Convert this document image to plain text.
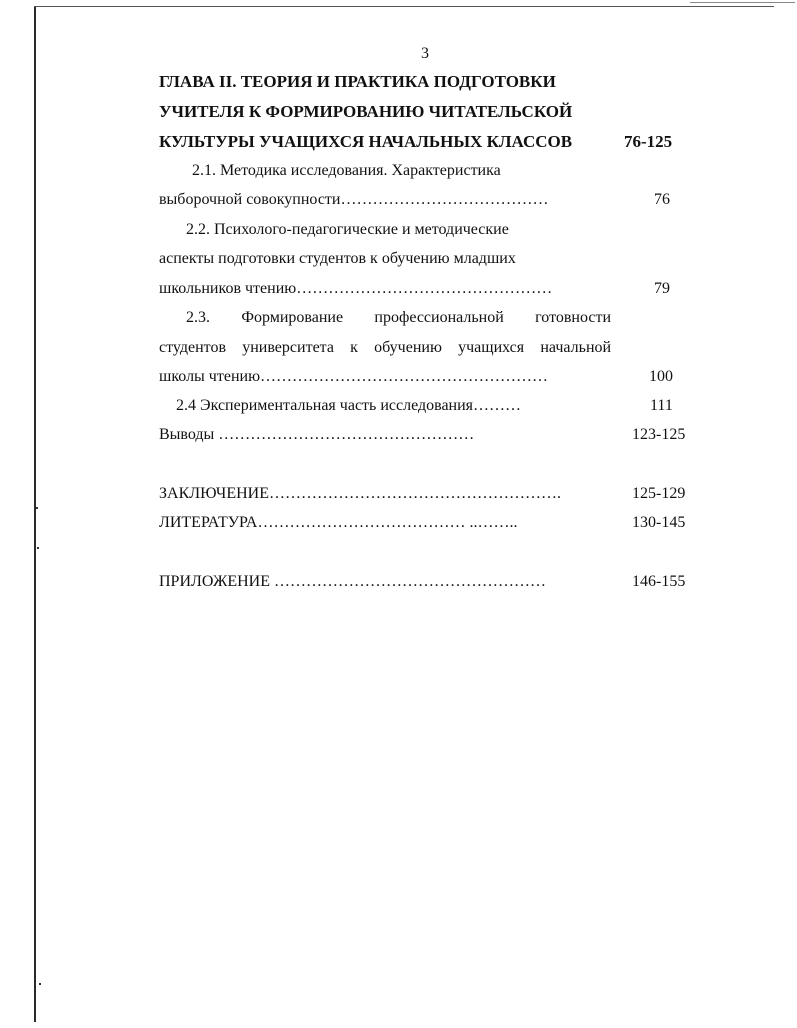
3
ГЛАВА II. ТЕОРИЯ И ПРАКТИКА ПОДГОТОВКИ
УЧИТЕЛЯ К ФОРМИРОВАНИЮ ЧИТАТЕЛЬСКОЙ
КУЛЬТУРЫ УЧАЩИХСЯ НАЧАЛЬНЫХ КЛАССОВ	76-125
2.1. Методика исследования. Характеристика
выборочной совокупности…………………………………	76
2.2. Психолого-педагогические и методические
аспекты подготовки студентов к обучению младших
школьников чтению…………………………………………	79
2.3. Формирование профессиональной готовности
студентов университета к обучению учащихся начальной
школы чтению………………………………………………	100
2.4 Экспериментальная часть исследования………	111
Выводы …………………………………………	123-125
ЗАКЛЮЧЕНИЕ……………………………………………….	125-129
ЛИТЕРАТУРА………………………………… ..……..	130-145
ПРИЛОЖЕНИЕ ……………………………………………	146-155
